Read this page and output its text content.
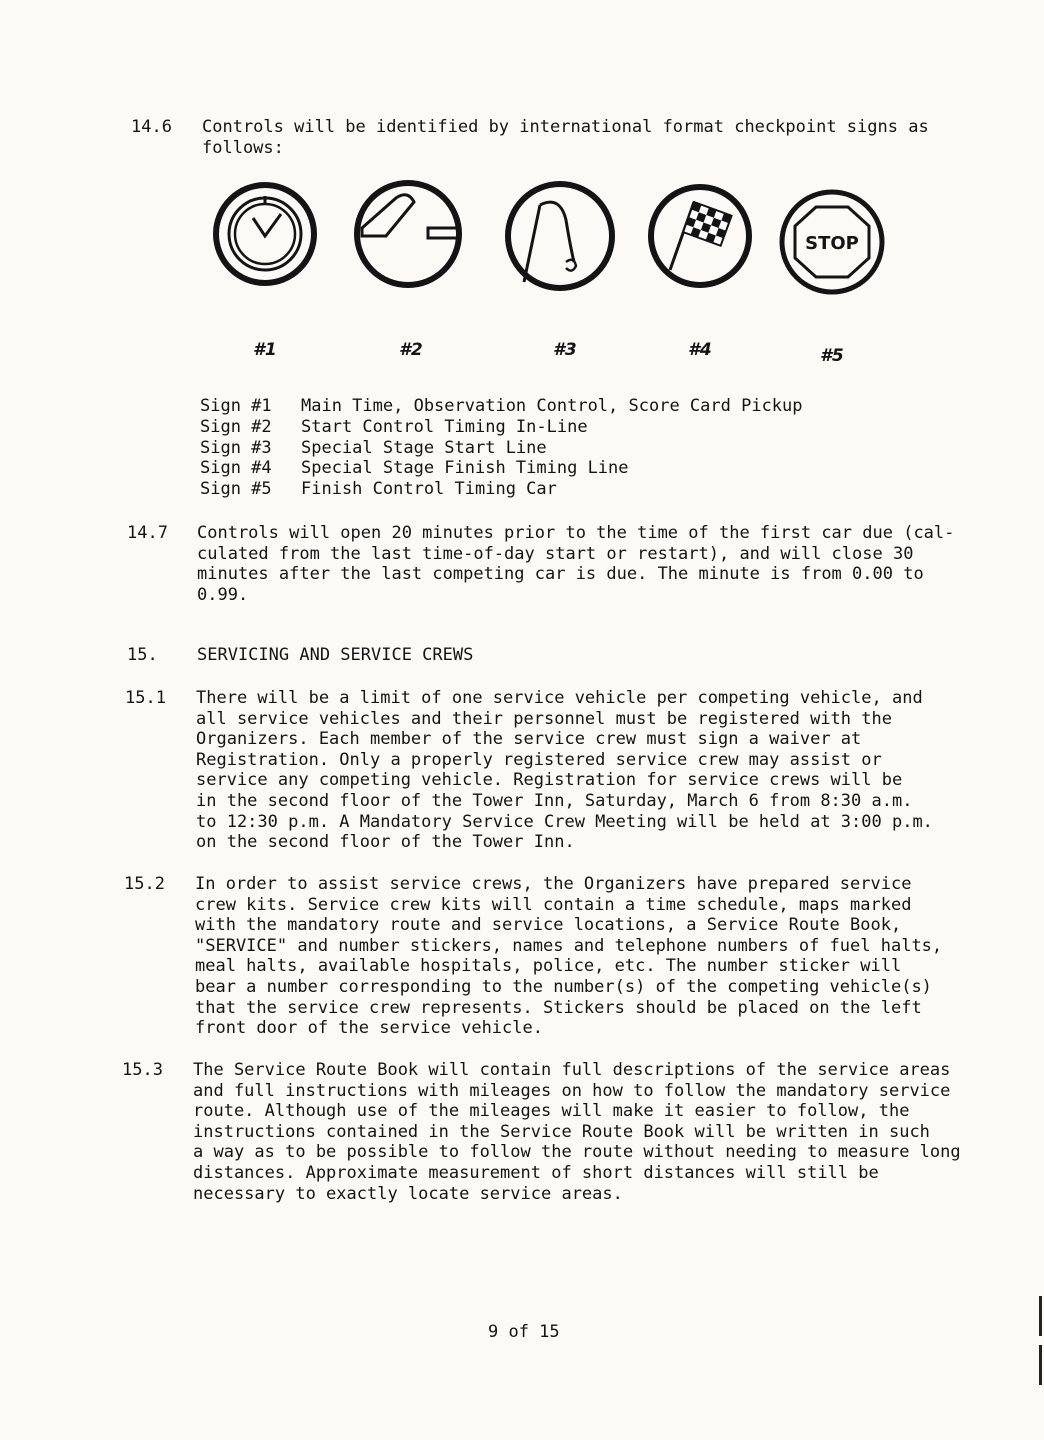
14.6 Controls will be identified by international format checkpoint signs as
follows:
STOP
#1	#2	#3	#4	#5
Sign #1	Main Time, Observation Control, Score Card Pickup
Sign #2	Start Control Timing In-Line
Sign #3	Special Stage Start Line
Sign #4	Special Stage Finish Timing Line
Sign #5	Finish Control Timing Car
14.7 Controls will open 20 minutes prior to the time of the first car due (cal-
culated from the last time-of-day start or restart), and will close 30
minutes after the last competing car is due. The minute is from 0.00 to
0.99.
15. SERVICING AND SERVICE CREWS
15.1 There will be a limit of one service vehicle per competing vehicle, and
all service vehicles and their personnel must be registered with the
Organizers. Each member of the service crew must sign a waiver at
Registration. Only a properly registered service crew may assist or
service any competing vehicle. Registration for service crews will be
in the second floor of the Tower Inn, Saturday, March 6 from 8:30 a.m.
to 12:30 p.m. A Mandatory Service Crew Meeting will be held at 3:00 p.m.
on the second floor of the Tower Inn.
15.2 In order to assist service crews, the Organizers have prepared service
crew kits. Service crew kits will contain a time schedule, maps marked
with the mandatory route and service locations, a Service Route Book,
"SERVICE" and number stickers, names and telephone numbers of fuel halts,
meal halts, available hospitals, police, etc. The number sticker will
bear a number corresponding to the number(s) of the competing vehicle(s)
that the service crew represents. Stickers should be placed on the left
front door of the service vehicle.
15.3 The Service Route Book will contain full descriptions of the service areas
and full instructions with mileages on how to follow the mandatory service
route. Although use of the mileages will make it easier to follow, the
instructions contained in the Service Route Book will be written in such
a way as to be possible to follow the route without needing to measure long
distances. Approximate measurement of short distances will still be
necessary to exactly locate service areas.
9 of 15
